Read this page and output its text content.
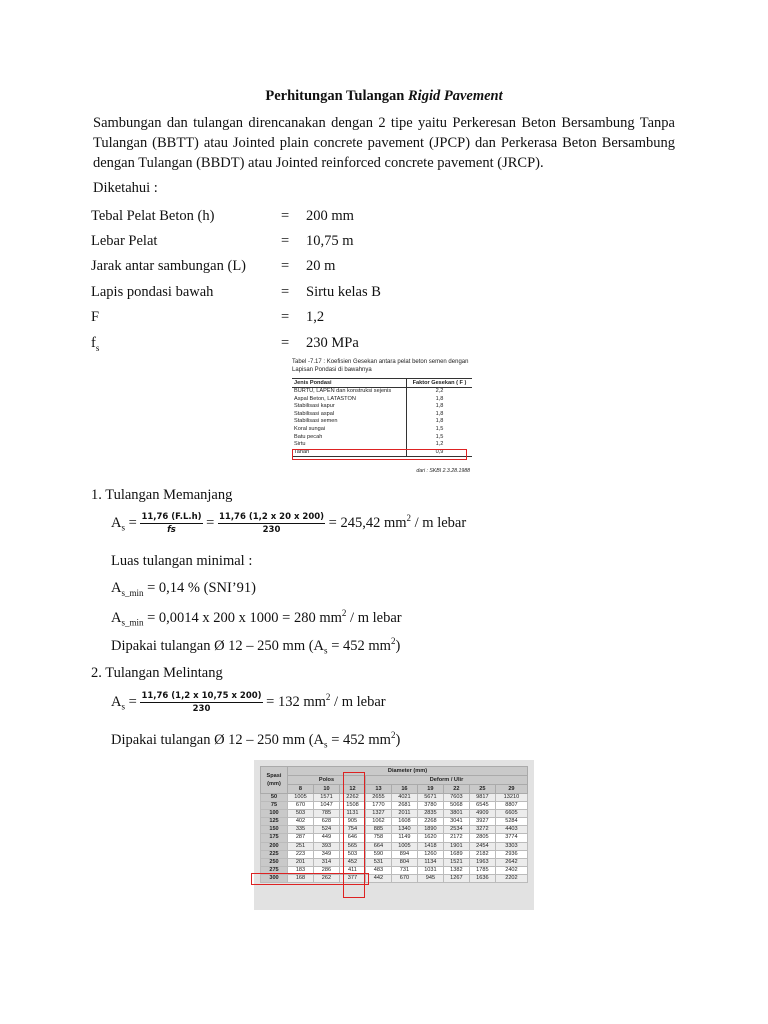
Perhitungan Tulangan Rigid Pavement
Sambungan dan tulangan direncanakan dengan 2 tipe yaitu Perkeresan Beton Bersambung Tanpa Tulangan (BBTT) atau Jointed plain concrete pavement (JPCP) dan Perkerasa Beton Bersambung dengan Tulangan (BBDT) atau Jointed reinforced concrete pavement (JRCP).
Diketahui :
Tebal Pelat Beton (h)	= 200 mm
Lebar Pelat	= 10,75 m
Jarak antar sambungan (L) = 20 m
Lapis pondasi bawah	= Sirtu kelas B
F	= 1,2
$f_s$	= 230 MPa
Tabel -7.17 : Koefisien Gesekan antara pelat beton semen dengan Lapisan Pondasi di bawahnya
Jenis Pondasi	Faktor Gesekan ( F )
BURTU, LAPEN dan konstruksi sejenis	2,2
Aspal Beton, LATASTON	1,8
Stabilisasi kapur	1,8
Stabilisasi aspal	1,8
Stabilisasi semen	1,8
Koral sungai	1,5
Batu pecah	1,5
Sirtu	1,2
Tanah	0,9
dari : SKBI 2.3.28.1988
1. Tulangan Memanjang
$A_s = \frac{11,76 (F.L.h)}{fs} = \frac{11,76 (1,2 x 20 x 200)}{230} = 245,42$ $mm^2$ / m lebar
Luas tulangan minimal :
$A_{s\_min} = 0,14$ % (SNI’91)
$A_{s\_min} = 0,0014$ x 200 x 1000 = 280 $mm^2$ / m lebar
Dipakai tulangan Ø 12 – 250 mm ($A_s = 452$ $mm^2$)
2. Tulangan Melintang
$A_s = \frac{11,76 (1,2 x 10,75 x 200)}{230} = 132$ $mm^2$ / m lebar
Dipakai tulangan Ø 12 – 250 mm ($A_s = 452$ $mm^2$)
Spasi (mm)	Diameter (mm)								
	Polos			Deform / Ulir					
	8	10	12	13	16	19	22	25	29
50	1005	1571	2262	2655	4021	5671	7603	9817	13210
75	670	1047	1508	1770	2681	3780	5068	6545	8807
100	503	785	1131	1327	2011	2835	3801	4909	6605
125	402	628	905	1062	1608	2268	3041	3927	5284
150	335	524	754	885	1340	1890	2534	3272	4403
175	287	449	646	758	1149	1620	2172	2805	3774
200	251	393	565	664	1005	1418	1901	2454	3303
225	223	349	503	590	894	1260	1689	2182	2936
250	201	314	452	531	804	1134	1521	1963	2642
275	183	286	411	483	731	1031	1382	1785	2402
300	168	262	377	442	670	945	1267	1636	2202
